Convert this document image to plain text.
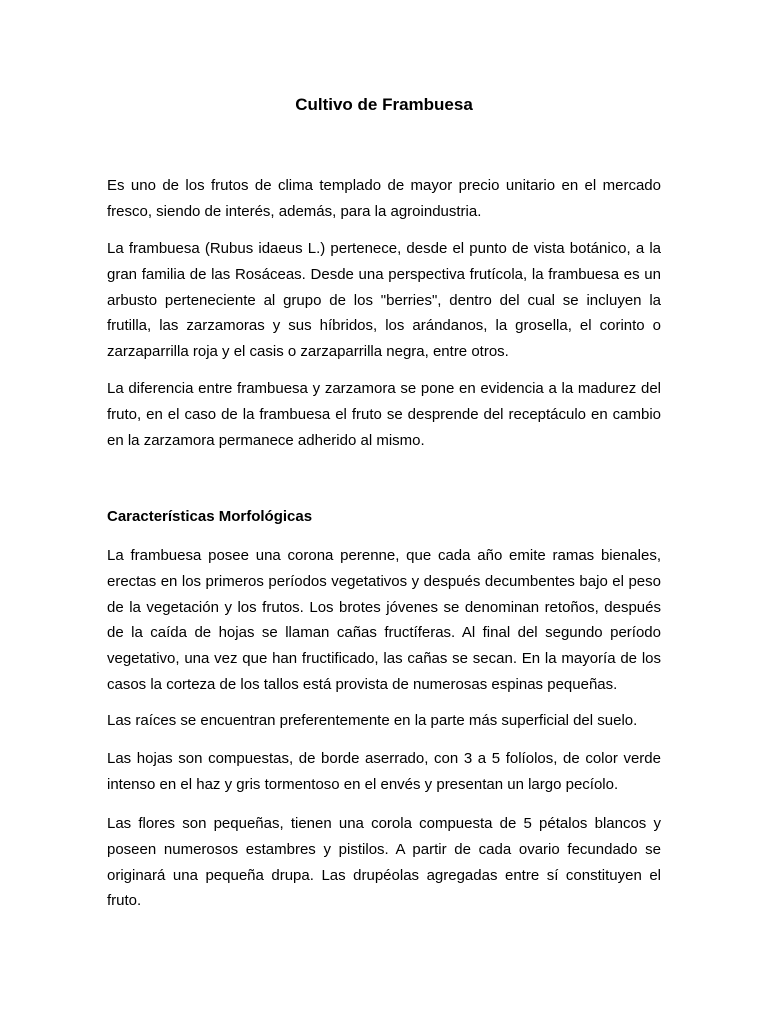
Cultivo de Frambuesa

Es uno de los frutos de clima templado de mayor precio unitario en el mercado fresco, siendo de interés, además, para la agroindustria.

La frambuesa (Rubus idaeus L.) pertenece, desde el punto de vista botánico, a la gran familia de las Rosáceas. Desde una perspectiva frutícola, la frambuesa es un arbusto perteneciente al grupo de los "berries", dentro del cual se incluyen la frutilla, las zarzamoras y sus híbridos, los arándanos, la grosella, el corinto o zarzaparrilla roja y el casis o zarzaparrilla negra, entre otros.

La diferencia entre frambuesa y zarzamora se pone en evidencia a la madurez del fruto, en el caso de la frambuesa el fruto se desprende del receptáculo en cambio en la zarzamora permanece adherido al mismo.

Características Morfológicas

La frambuesa posee una corona perenne, que cada año emite ramas bienales, erectas en los primeros períodos vegetativos y después decumbentes bajo el peso de la vegetación y los frutos. Los brotes jóvenes se denominan retoños, después de la caída de hojas se llaman cañas fructíferas. Al final del segundo período vegetativo, una vez que han fructificado, las cañas se secan. En la mayoría de los casos la corteza de los tallos está provista de numerosas espinas pequeñas.

Las raíces se encuentran preferentemente en la parte más superficial del suelo.

Las hojas son compuestas, de borde aserrado, con 3 a 5 folíolos, de color verde intenso en el haz y gris tormentoso en el envés y presentan un largo pecíolo.

Las flores son pequeñas, tienen una corola compuesta de 5 pétalos blancos y poseen numerosos estambres y pistilos. A partir de cada ovario fecundado se originará una pequeña drupa. Las drupéolas agregadas entre sí constituyen el fruto.
